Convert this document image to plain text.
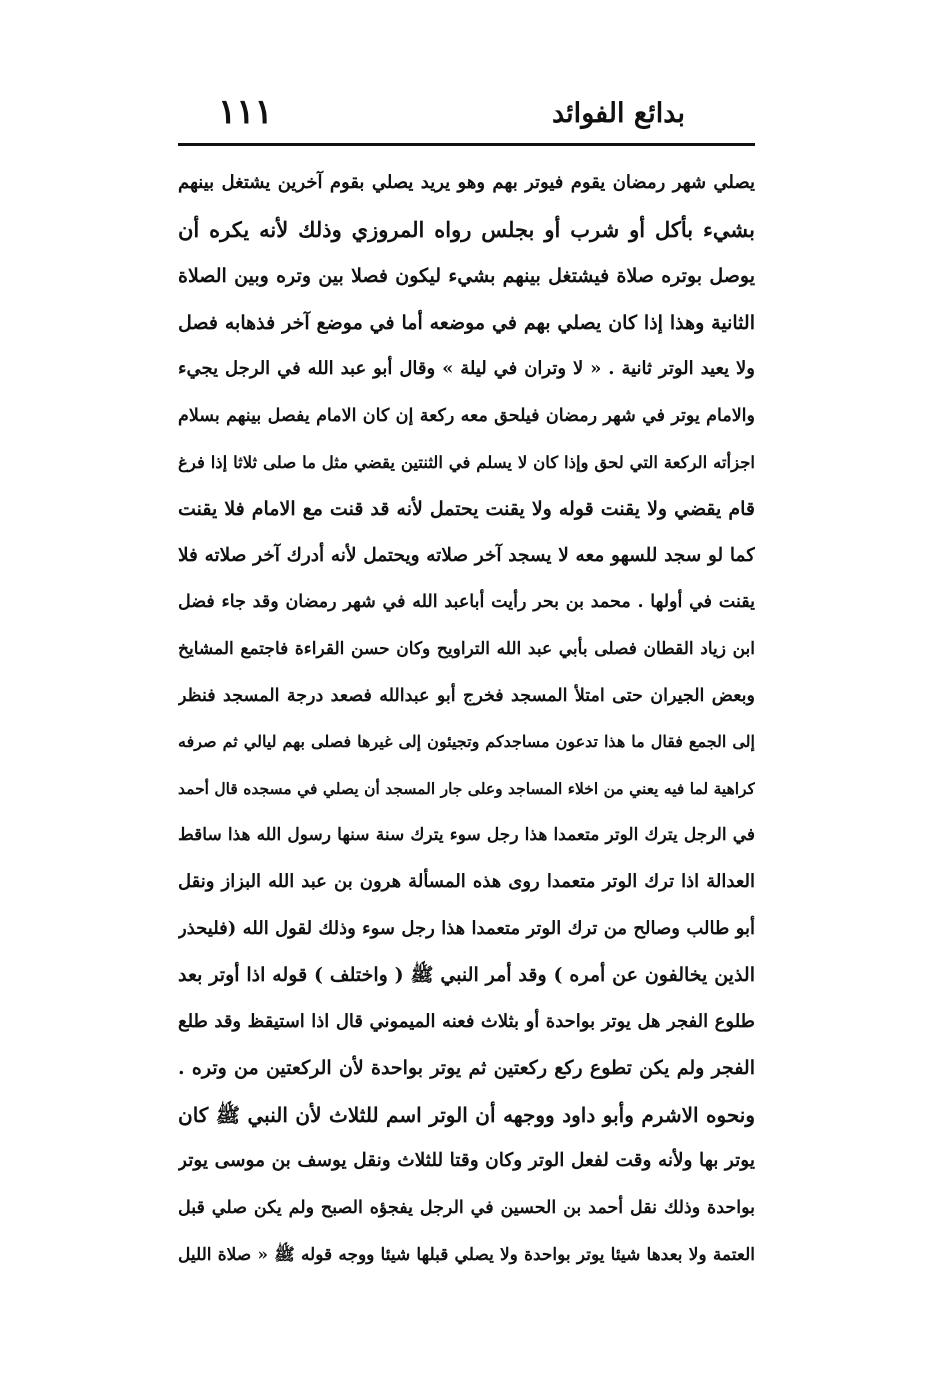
بدائع الفوائد
١١١
يصلي شهر رمضان يقوم فيوتر بهم وهو يريد يصلي بقوم آخرين يشتغل بينهم
بشيء بأكل أو شرب أو بجلس رواه المروزي وذلك لأنه يكره أن
يوصل بوتره صلاة فيشتغل بينهم بشيء ليكون فصلا بين وتره وبين الصلاة
الثانية وهذا إذا كان يصلي بهم في موضعه أما في موضع آخر فذهابه فصل
ولا يعيد الوتر ثانية . « لا وتران في ليلة » وقال أبو عبد الله في الرجل يجيء
والامام يوتر في شهر رمضان فيلحق معه ركعة إن كان الامام يفصل بينهم بسلام
اجزأته الركعة التي لحق وإذا كان لا يسلم في الثنتين يقضي مثل ما صلى ثلاثا إذا فرغ
قام يقضي ولا يقنت قوله ولا يقنت يحتمل لأنه قد قنت مع الامام فلا يقنت
كما لو سجد للسهو معه لا يسجد آخر صلاته ويحتمل لأنه أدرك آخر صلاته فلا
يقنت في أولها . محمد بن بحر رأيت أباعبد الله في شهر رمضان وقد جاء فضل
ابن زياد القطان فصلى بأبي عبد الله التراويح وكان حسن القراءة فاجتمع المشايخ
وبعض الجيران حتى امتلأ المسجد فخرج أبو عبدالله فصعد درجة المسجد فنظر
إلى الجمع فقال ما هذا تدعون مساجدكم وتجيئون إلى غيرها فصلى بهم ليالي ثم صرفه
كراهية لما فيه يعني من اخلاء المساجد وعلى جار المسجد أن يصلي في مسجده قال أحمد
في الرجل يترك الوتر متعمدا هذا رجل سوء يترك سنة سنها رسول الله هذا ساقط
العدالة اذا ترك الوتر متعمدا روى هذه المسألة هرون بن عبد الله البزاز ونقل
أبو طالب وصالح من ترك الوتر متعمدا هذا رجل سوء وذلك لقول الله (فليحذر
الذين يخالفون عن أمره ) وقد أمر النبي ﷺ ( واختلف ) قوله اذا أوتر بعد
طلوع الفجر هل يوتر بواحدة أو بثلاث فعنه الميموني قال اذا استيقظ وقد طلع
الفجر ولم يكن تطوع ركع ركعتين ثم يوتر بواحدة لأن الركعتين من وتره .
ونحوه الاشرم وأبو داود ووجهه أن الوتر اسم للثلاث لأن النبي ﷺ كان
يوتر بها ولأنه وقت لفعل الوتر وكان وقتا للثلاث ونقل يوسف بن موسى يوتر
بواحدة وذلك نقل أحمد بن الحسين في الرجل يفجؤه الصبح ولم يكن صلي قبل
العتمة ولا بعدها شيئا يوتر بواحدة ولا يصلي قبلها شيئا ووجه قوله ﷺ « صلاة الليل
